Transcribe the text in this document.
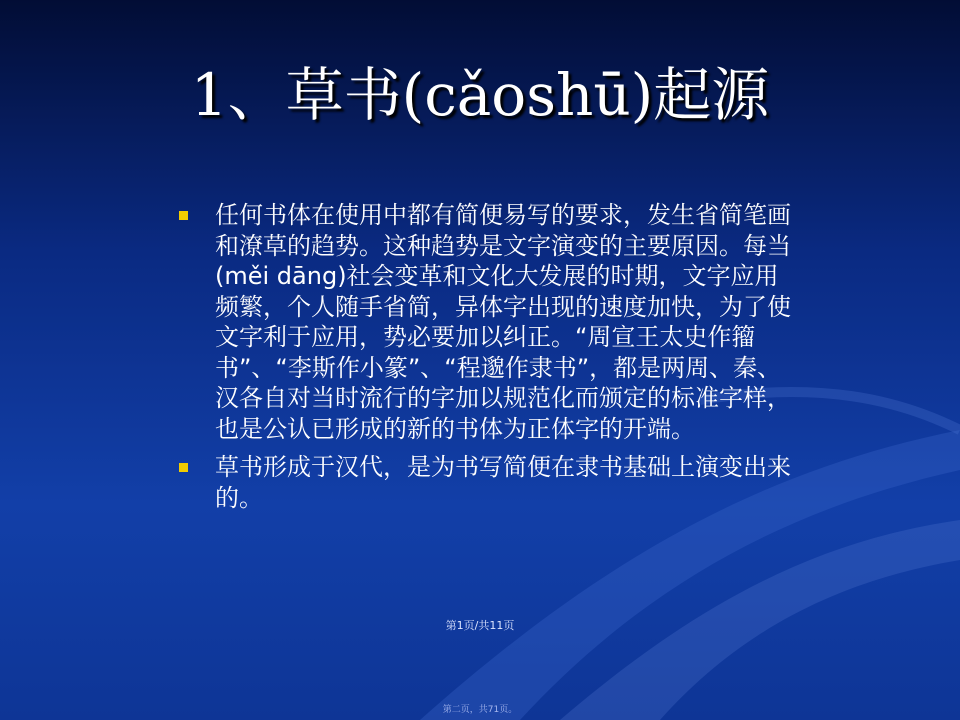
1、草书(cǎoshū)起源
任何书体在使用中都有简便易写的要求，发生省简笔画和潦草的趋势。这种趋势是文字演变的主要原因。每当(měi dāng)社会变革和文化大发展的时期，文字应用频繁，个人随手省简，异体字出现的速度加快，为了使文字利于应用，势必要加以纠正。“周宣王太史作籀书”、“李斯作小篆”、“程邈作隶书”，都是两周、秦、汉各自对当时流行的字加以规范化而颁定的标准字样，也是公认已形成的新的书体为正体字的开端。
草书形成于汉代，是为书写简便在隶书基础上演变出来的。
第1页/共11页
第二页，共71页。
